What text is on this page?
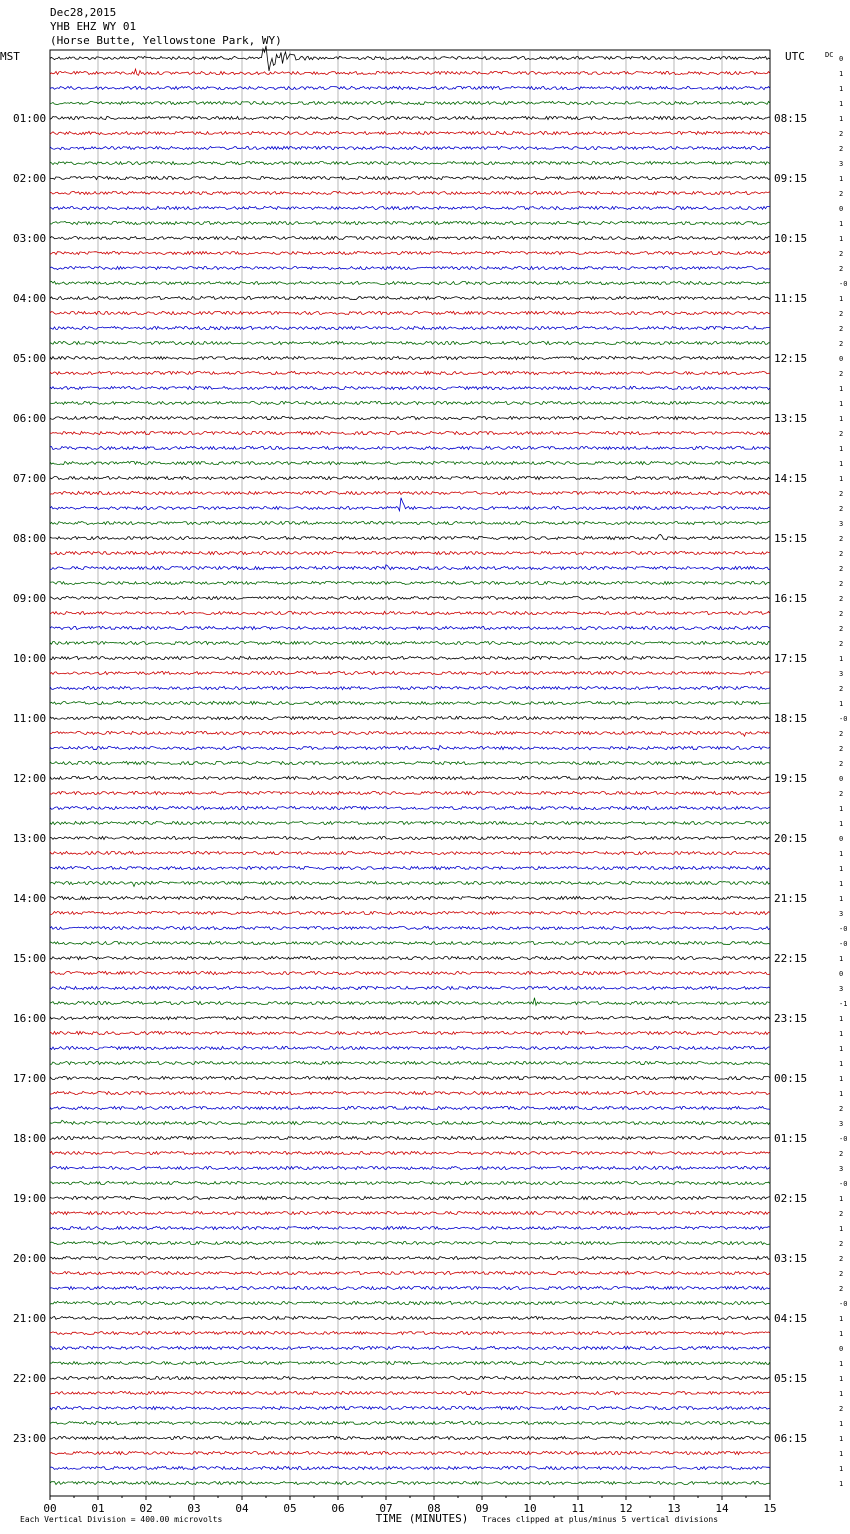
Dec28,2015
YHB EHZ WY 01
(Horse Butte, Yellowstone Park, WY)
00	01	02	03	04	05	06	07	08	09	10	11	12	13	14	15
0
1
1
1
1
2
2
3
1
2
0
1
1
2
2
-0
1
2
2
2
0
2
1
1
1
2
1
1
1
2
2
3
2
2
2
2
2
2
2
2
1
3
2
1
-0
2
2
2
0
2
1
1
0
1
1
1
1
3
-0
-0
1
0
3
-1
1
1
1
1
1
1
2
3
-0
2
3
-0
1
2
1
2
2
2
2
-0
1
1
0
1
1
1
2
1
1
1
1
1
01:00	08:15
02:00	09:15
03:00	10:15
04:00	11:15
05:00	12:15
06:00	13:15
07:00	14:15
08:00	15:15
09:00	16:15
10:00	17:15
11:00	18:15
12:00	19:15
13:00	20:15
14:00	21:15
15:00	22:15
16:00	23:15
17:00	00:15
18:00	01:15
19:00	02:15
20:00	03:15
21:00	04:15
22:00	05:15
23:00	06:15
MST	UTC	DC
TIME (MINUTES)
Each Vertical Division = 400.00 microvolts	Traces clipped at plus/minus 5 vertical divisions
